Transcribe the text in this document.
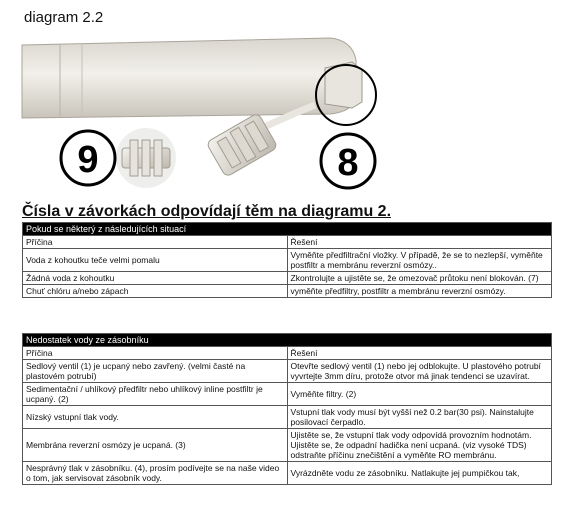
9	8
diagram 2.2
Čísla v závorkách odpovídají těm na diagramu 2.
Pokud se některý z následujících situací	
Příčina	Řešení
Voda z kohoutku teče velmi pomalu	Vyměňte předfiltrační vložky. V případě, že se to nezlepší, vyměňte postfiltr a membránu reverzní osmózy..
Žádná voda z kohoutku	Zkontrolujte a ujistěte se, že omezovač průtoku není blokován. (7)
Chuť chlóru a/nebo zápach	vyměňte předfiltry, postfiltr a membránu reverzní osmózy.
Nedostatek vody ze zásobníku	
Příčina	Řešení
Sedlový ventil (1) je ucpaný nebo zavřený. (velmi časté na plastovém potrubí)	Otevřte sedlový ventil (1) nebo jej odblokujte. U plastového potrubí vyvrtejte 3mm díru, protože otvor má jinak tendenci se uzavírat.
Sedimentační / uhlíkový předfiltr nebo uhlíkový inline postfiltr je ucpaný. (2)	Vyměňte filtry. (2)
Nízský vstupní tlak vody.	Vstupní tlak vody musí být vyšší než 0.2 bar(30 psi). Nainstalujte posilovací čerpadlo.
Membrána reverzní osmózy je ucpaná. (3)	Ujistěte se, že vstupní tlak vody odpovídá provozním hodnotám. Ujistěte se, že odpadní hadička není ucpaná. (viz vysoké TDS) odstraňte příčinu znečištění a vyměňte RO membránu.
Nesprávný tlak v zásobníku. (4), prosím podívejte se na naše video o tom, jak servisovat zásobník vody.	Vyrázdněte vodu ze zásobníku. Natlakujte jej pumpičkou tak,
